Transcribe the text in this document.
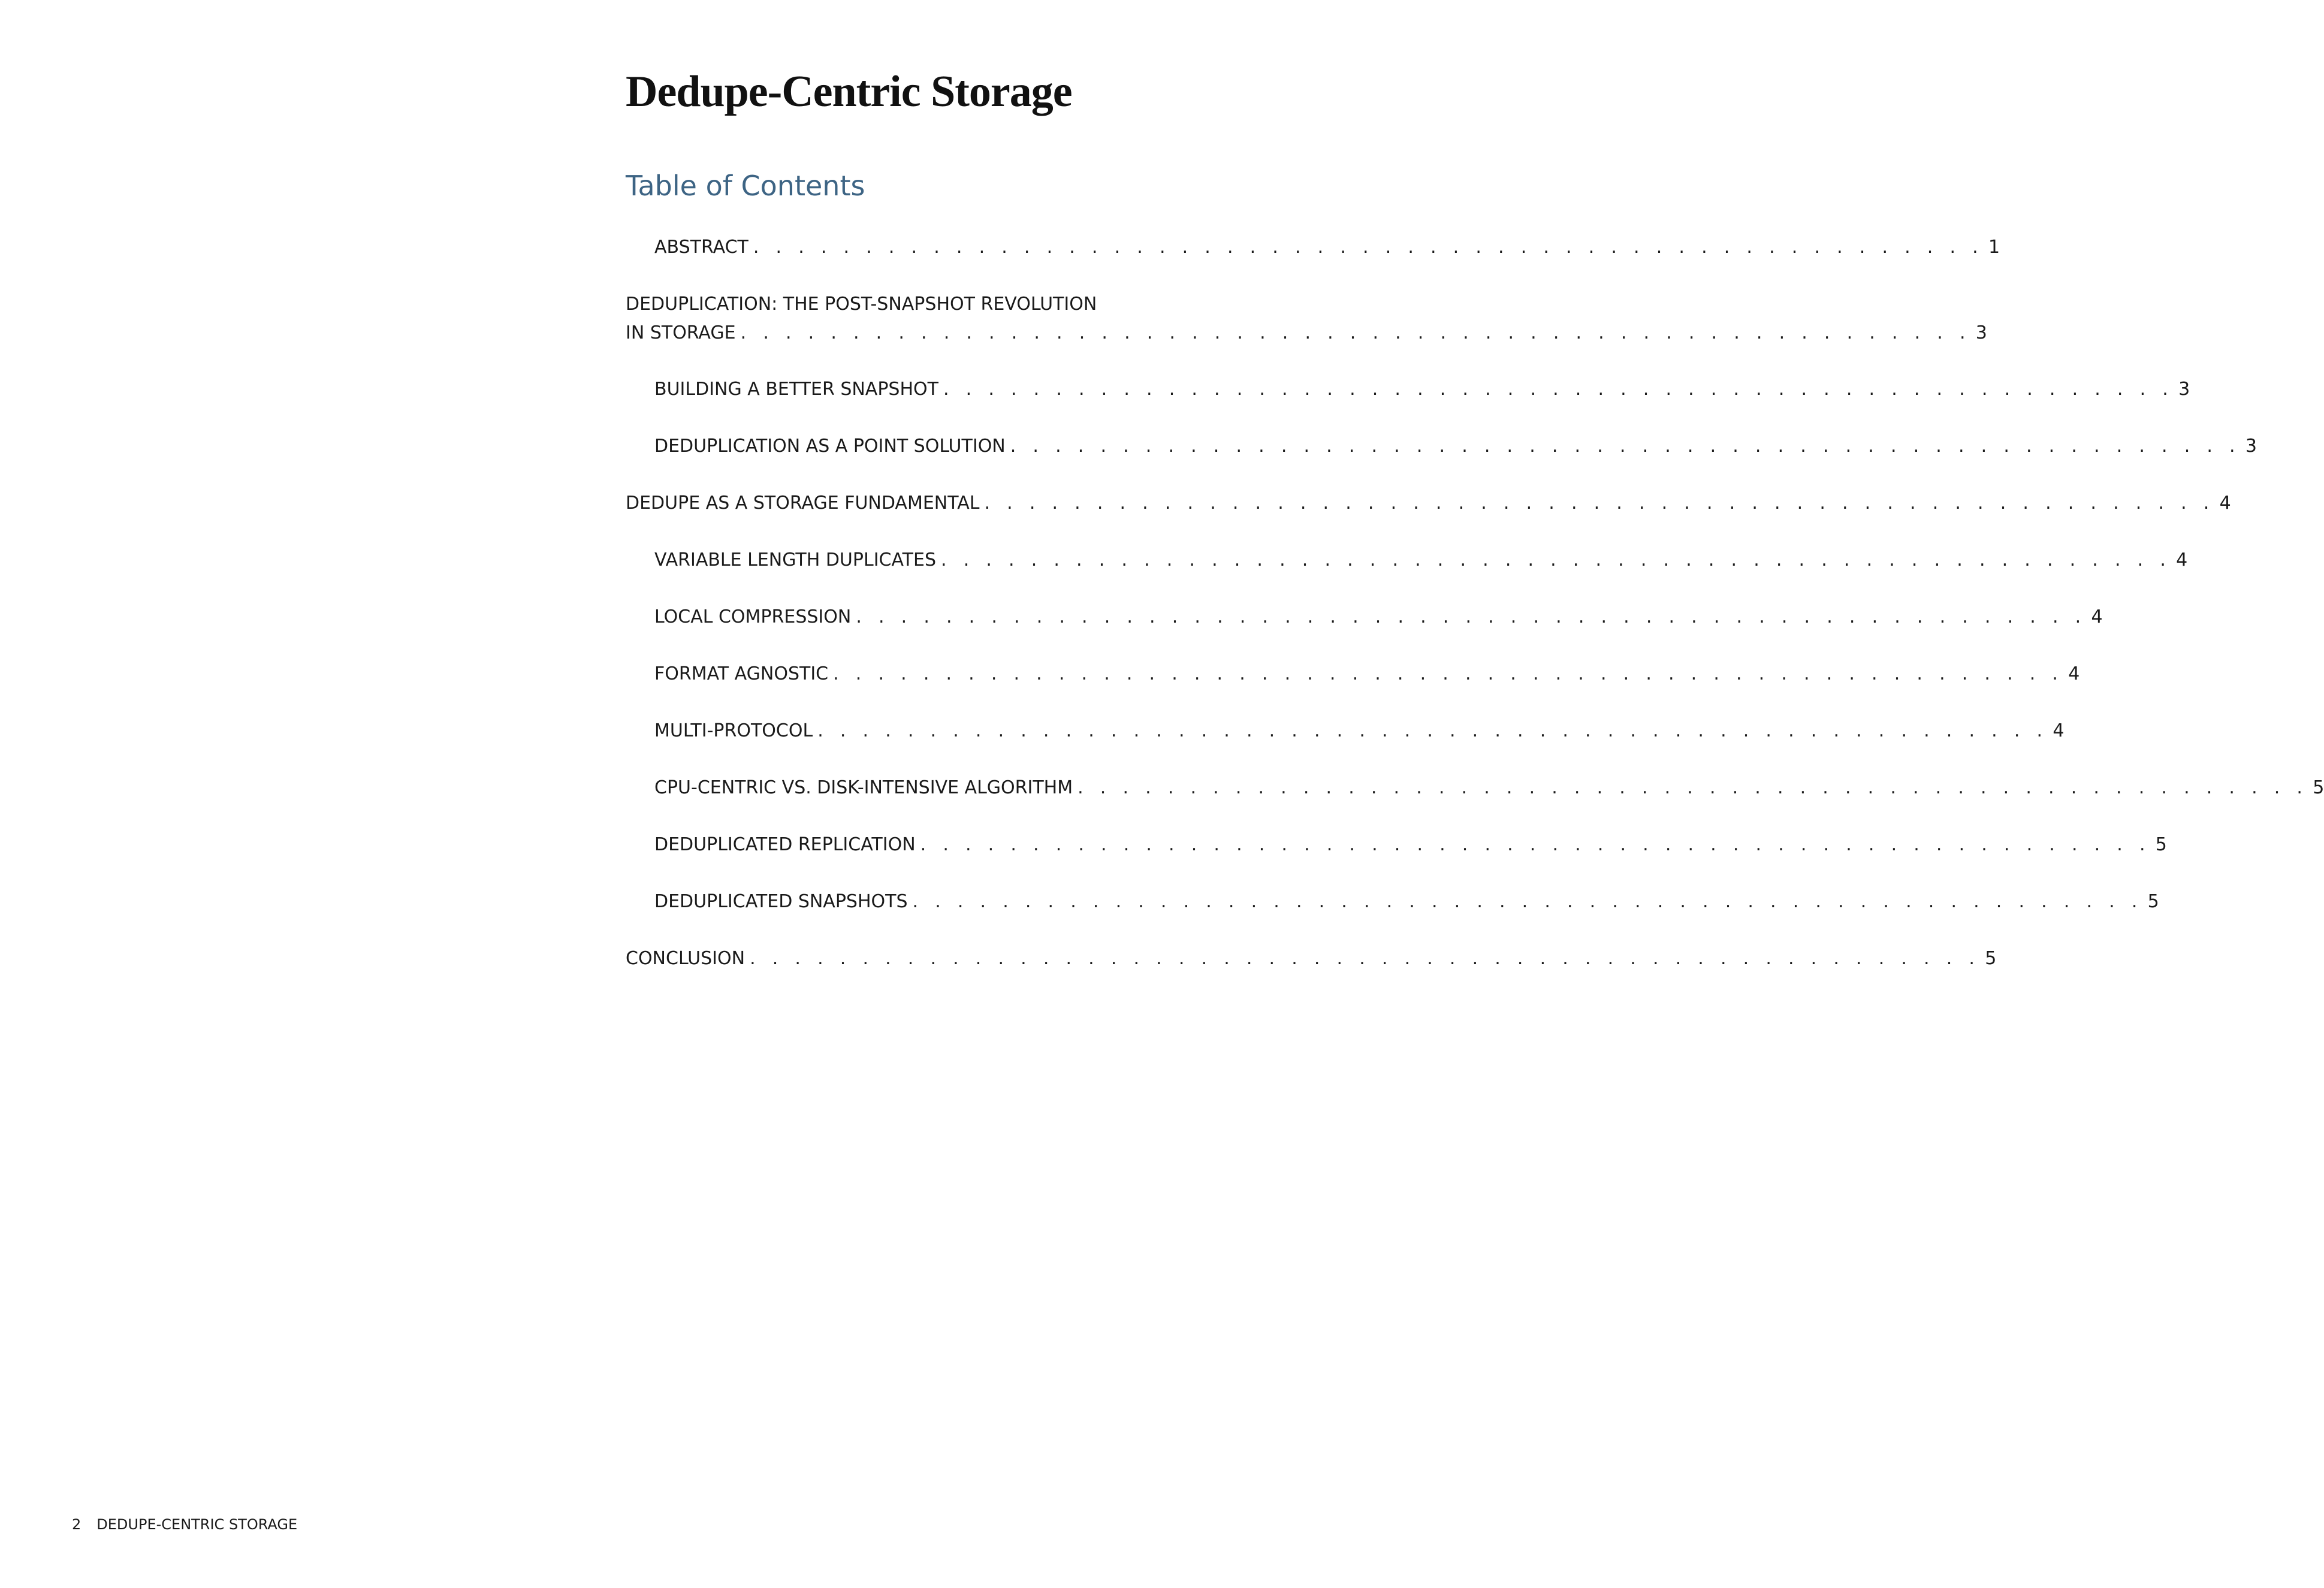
Dedupe-Centric Storage
Table of Contents
ABSTRACT . . . . . . . . . . . . . . . . . . . . . . . . . . . . . . . . . . . . . . . . . . . . . . . . . . . . . . . 1
DEDUPLICATION: THE POST-SNAPSHOT REVOLUTION
IN STORAGE . . . . . . . . . . . . . . . . . . . . . . . . . . . . . . . . . . . . . . . . . . . . . . . . . . . . . . . 3
BUILDING A BETTER SNAPSHOT . . . . . . . . . . . . . . . . . . . . . . . . . . . . . . . . . . . . . . . . . . . . . . . . . . . . . . . 3
DEDUPLICATION AS A POINT SOLUTION . . . . . . . . . . . . . . . . . . . . . . . . . . . . . . . . . . . . . . . . . . . . . . . . . . . . . . . 3
DEDUPE AS A STORAGE FUNDAMENTAL . . . . . . . . . . . . . . . . . . . . . . . . . . . . . . . . . . . . . . . . . . . . . . . . . . . . . . . 4
VARIABLE LENGTH DUPLICATES . . . . . . . . . . . . . . . . . . . . . . . . . . . . . . . . . . . . . . . . . . . . . . . . . . . . . . . 4
LOCAL COMPRESSION . . . . . . . . . . . . . . . . . . . . . . . . . . . . . . . . . . . . . . . . . . . . . . . . . . . . . . . 4
FORMAT AGNOSTIC . . . . . . . . . . . . . . . . . . . . . . . . . . . . . . . . . . . . . . . . . . . . . . . . . . . . . . . 4
MULTI-PROTOCOL . . . . . . . . . . . . . . . . . . . . . . . . . . . . . . . . . . . . . . . . . . . . . . . . . . . . . . . 4
CPU-CENTRIC VS. DISK-INTENSIVE ALGORITHM . . . . . . . . . . . . . . . . . . . . . . . . . . . . . . . . . . . . . . . . . . . . . . . . . . . . . . . 5
DEDUPLICATED REPLICATION . . . . . . . . . . . . . . . . . . . . . . . . . . . . . . . . . . . . . . . . . . . . . . . . . . . . . . . 5
DEDUPLICATED SNAPSHOTS . . . . . . . . . . . . . . . . . . . . . . . . . . . . . . . . . . . . . . . . . . . . . . . . . . . . . . . 5
CONCLUSION . . . . . . . . . . . . . . . . . . . . . . . . . . . . . . . . . . . . . . . . . . . . . . . . . . . . . . . 5
2 DEDUPE-CENTRIC STORAGE
